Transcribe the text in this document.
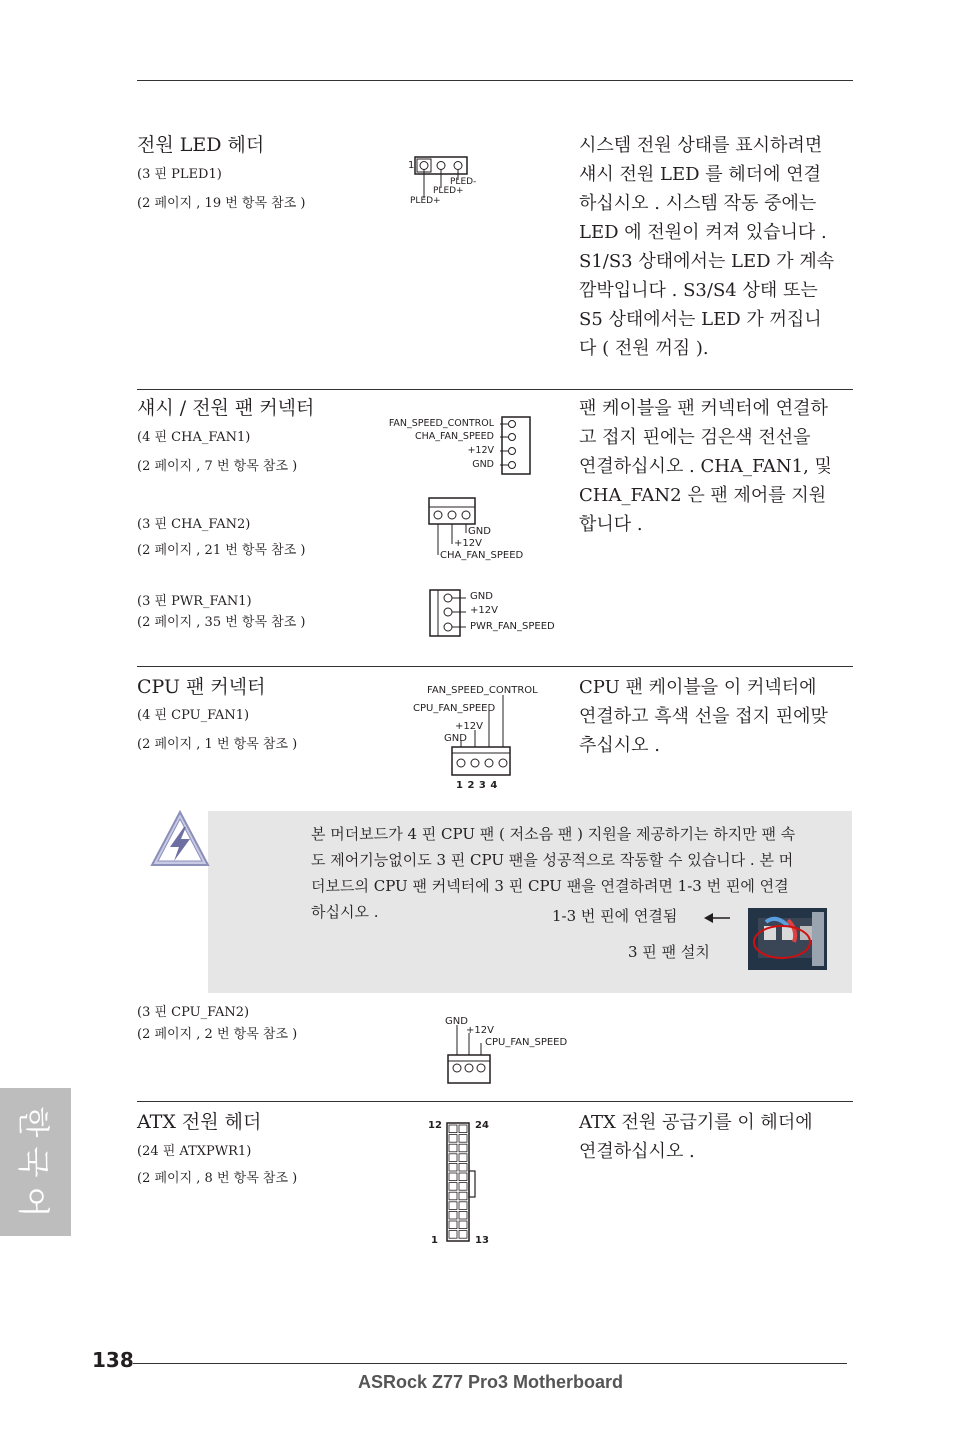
전원 LED 헤더
(3 핀 PLED1)
(2 페이지 , 19 번 항목 참조 )
시스템 전원 상태를 표시하려면
섀시 전원 LED 를 헤더에 연결
하십시오 . 시스템 작동 중에는
LED 에 전원이 켜져 있습니다 .
S1/S3 상태에서는 LED 가 계속
깜박입니다 . S3/S4 상태 또는
S5 상태에서는 LED 가 꺼집니
다 ( 전원 꺼짐 ).
1
PLED-
PLED+
PLED+
섀시 / 전원 팬 커넥터
(4 핀 CHA_FAN1)
(2 페이지 , 7 번 항목 참조 )
(3 핀 CHA_FAN2)
(2 페이지 , 21 번 항목 참조 )
(3 핀 PWR_FAN1)
(2 페이지 , 35 번 항목 참조 )
팬 케이블을 팬 커넥터에 연결하
고 접지 핀에는 검은색 전선을
연결하십시오 . CHA_FAN1, 및
CHA_FAN2 은 팬 제어를 지원
합니다 .
FAN_SPEED_CONTROL
CHA_FAN_SPEED
+12V
GND
GND
+12V
CHA_FAN_SPEED
GND
+12V
PWR_FAN_SPEED
CPU 팬 커넥터
(4 핀 CPU_FAN1)
(2 페이지 , 1 번 항목 참조 )
CPU 팬 케이블을 이 커넥터에
연결하고 흑색 선을 접지 핀에맞
추십시오 .
FAN_SPEED_CONTROL
CPU_FAN_SPEED
+12V
GND
1 2 3 4
본 머더보드가 4 핀 CPU 팬 ( 저소음 팬 ) 지원을 제공하기는 하지만 팬 속
도 제어기능없이도 3 핀 CPU 팬을 성공적으로 작동할 수 있습니다 . 본 머
더보드의 CPU 팬 커넥터에 3 핀 CPU 팬을 연결하려면 1-3 번 핀에 연결
하십시오 .	1-3 번 핀에 연결됨
3 핀 팬 설치
(3 핀 CPU_FAN2)
(2 페이지 , 2 번 항목 참조 )
GND
+12V
CPU_FAN_SPEED
ATX 전원 헤더
(24 핀 ATXPWR1)
(2 페이지 , 8 번 항목 참조 )
ATX 전원 공급기를 이 헤더에
연결하십시오 .
12	24
1	13
한
국
어
138
ASRock Z77 Pro3 Motherboard
